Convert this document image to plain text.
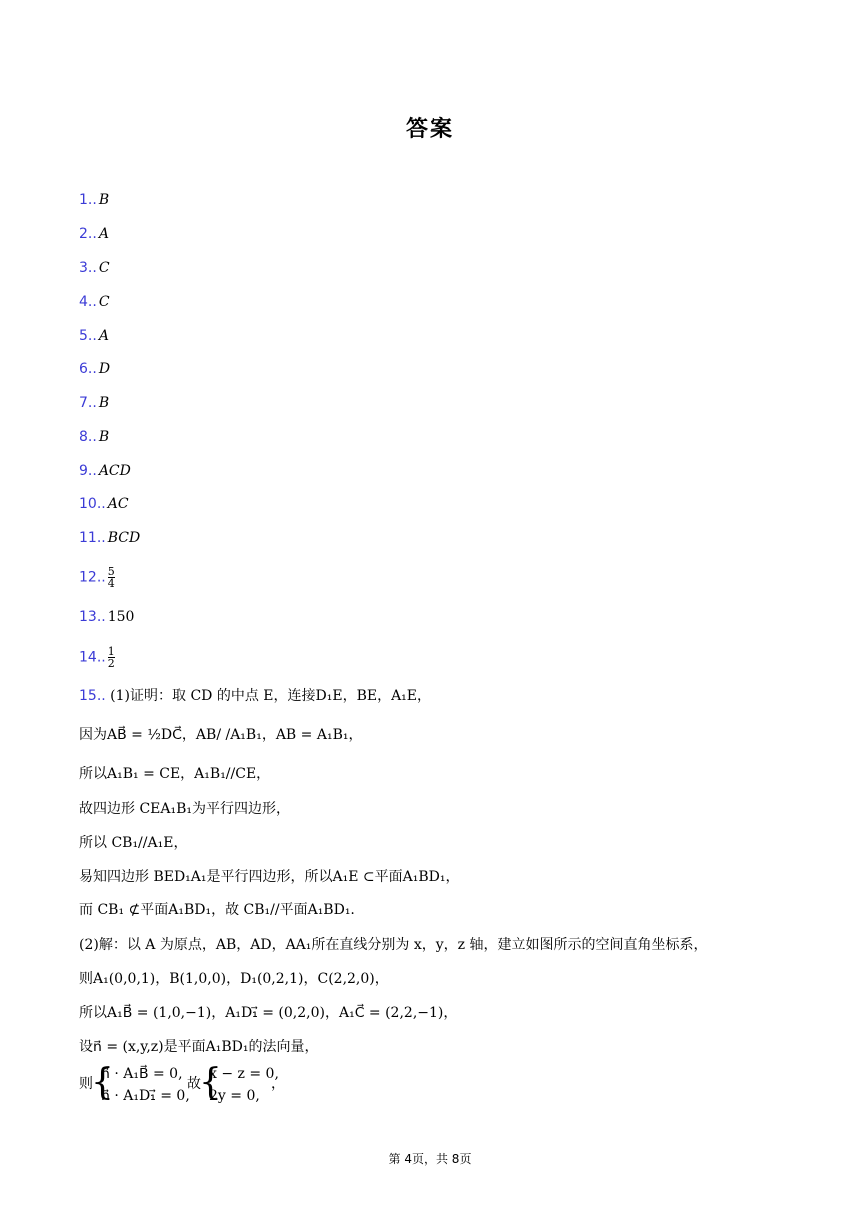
答案
1.. B
2.. A
3.. C
4.. C
5.. A
6.. D
7.. B
8.. B
9.. ACD
10.. AC
11.. BCD
12.. $\frac{5}{4}$
13.. 150
14.. $\frac{1}{2}$
15.. (1)证明：取 CD 的中点 E，连接D₁E，BE，A₁E，
因为AB⃗ = ½DC⃗，AB/ /A₁B₁，AB = A₁B₁，
所以A₁B₁ = CE，A₁B₁//CE，
故四边形 CEA₁B₁为平行四边形，
所以 CB₁//A₁E，
易知四边形 BED₁A₁是平行四边形，所以A₁E ⊂平面A₁BD₁，
而 CB₁ ⊄平面A₁BD₁，故 CB₁//平面A₁BD₁.
(2)解：以 A 为原点，AB，AD，AA₁所在直线分别为 x，y，z 轴，建立如图所示的空间直角坐标系，
则A₁(0,0,1)，B(1,0,0)，D₁(0,2,1)，C(2,2,0)，
所以A₁B⃗ = (1,0,−1)，A₁D₁⃗ = (0,2,0)，A₁C⃗ = (2,2,−1)，
设n⃗ = (x,y,z)是平面A₁BD₁的法向量，
则
{
n⃗ · A₁B⃗ = 0,
n⃗ · A₁D₁⃗ = 0,
故
{
x − z = 0,
2y = 0,
，
第 4页，共 8页
